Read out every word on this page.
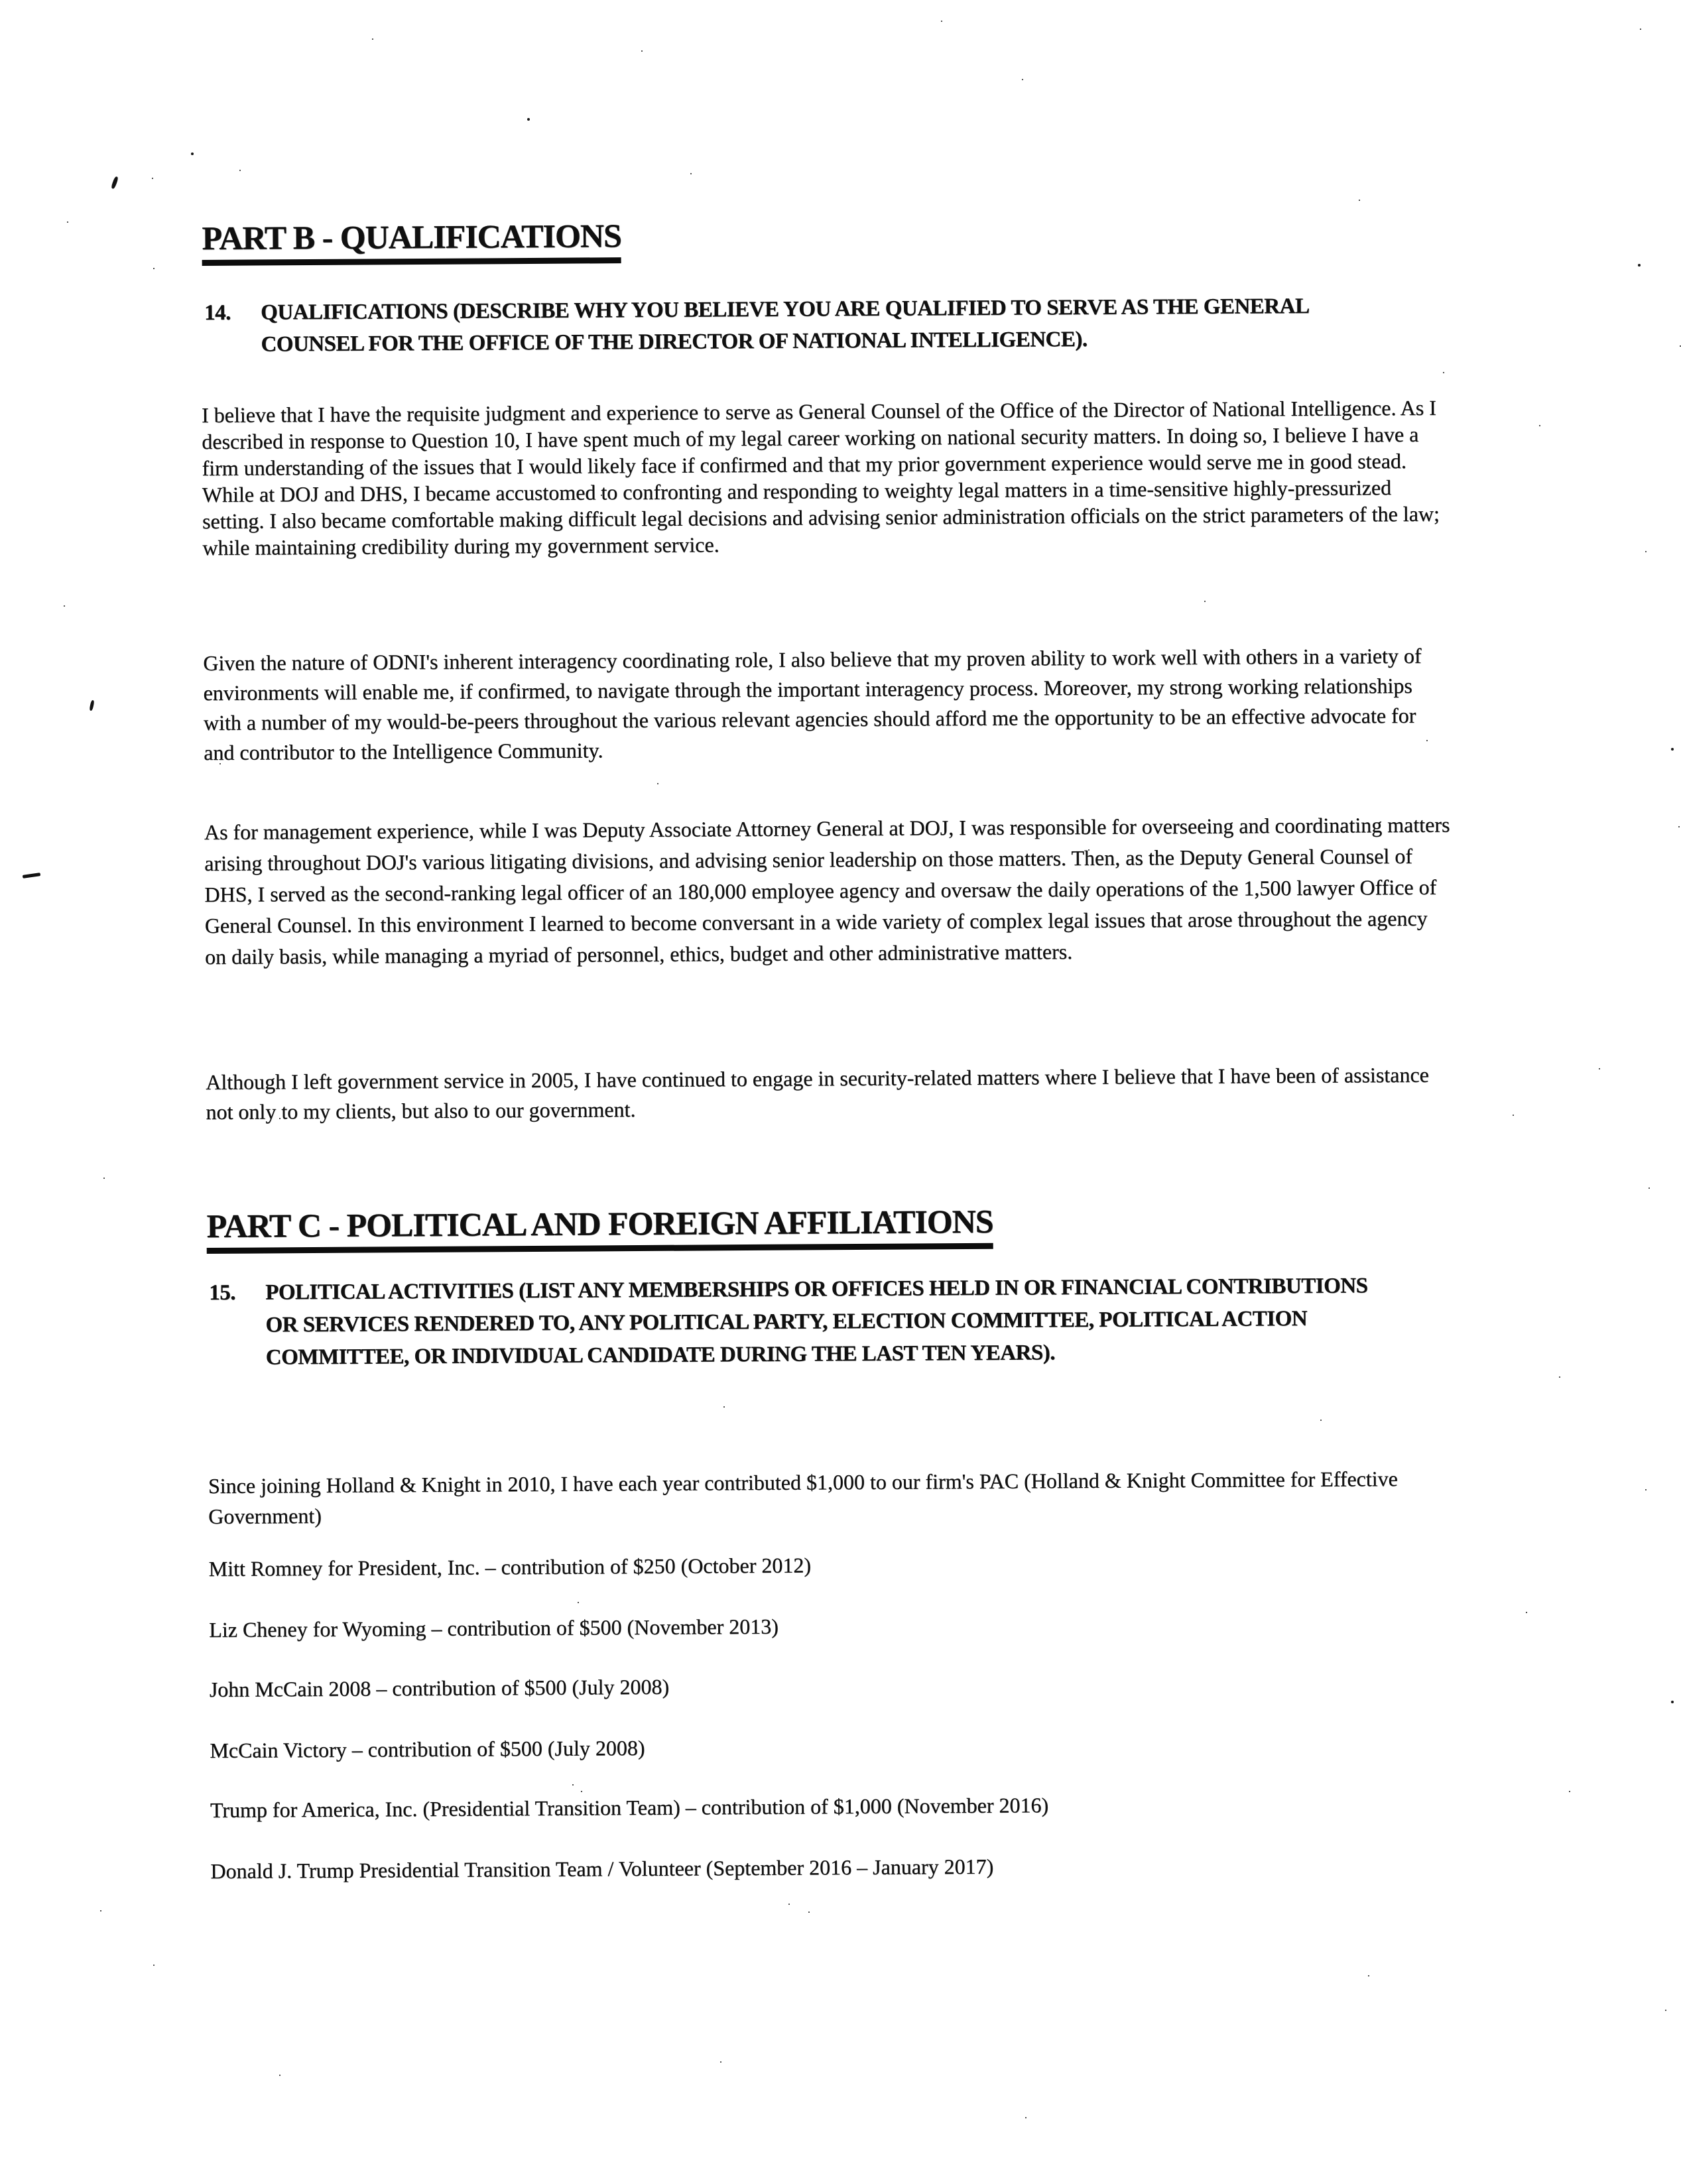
PART B - QUALIFICATIONS
14.	QUALIFICATIONS (DESCRIBE WHY YOU BELIEVE YOU ARE QUALIFIED TO SERVE AS THE GENERAL COUNSEL FOR THE OFFICE OF THE DIRECTOR OF NATIONAL INTELLIGENCE).

I believe that I have the requisite judgment and experience to serve as General Counsel of the Office of the Director of National Intelligence. As I described in response to Question 10, I have spent much of my legal career working on national security matters. In doing so, I believe I have a firm understanding of the issues that I would likely face if confirmed and that my prior government experience would serve me in good stead. While at DOJ and DHS, I became accustomed to confronting and responding to weighty legal matters in a time-sensitive highly-pressurized setting. I also became comfortable making difficult legal decisions and advising senior administration officials on the strict parameters of the law; while maintaining credibility during my government service.

Given the nature of ODNI's inherent interagency coordinating role, I also believe that my proven ability to work well with others in a variety of environments will enable me, if confirmed, to navigate through the important interagency process. Moreover, my strong working relationships with a number of my would-be-peers throughout the various relevant agencies should afford me the opportunity to be an effective advocate for and contributor to the Intelligence Community.

As for management experience, while I was Deputy Associate Attorney General at DOJ, I was responsible for overseeing and coordinating matters arising throughout DOJ's various litigating divisions, and advising senior leadership on those matters. Then, as the Deputy General Counsel of DHS, I served as the second-ranking legal officer of an 180,000 employee agency and oversaw the daily operations of the 1,500 lawyer Office of General Counsel. In this environment I learned to become conversant in a wide variety of complex legal issues that arose throughout the agency on daily basis, while managing a myriad of personnel, ethics, budget and other administrative matters.

Although I left government service in 2005, I have continued to engage in security-related matters where I believe that I have been of assistance not only to my clients, but also to our government.

PART C - POLITICAL AND FOREIGN AFFILIATIONS
15.	POLITICAL ACTIVITIES (LIST ANY MEMBERSHIPS OR OFFICES HELD IN OR FINANCIAL CONTRIBUTIONS OR SERVICES RENDERED TO, ANY POLITICAL PARTY, ELECTION COMMITTEE, POLITICAL ACTION COMMITTEE, OR INDIVIDUAL CANDIDATE DURING THE LAST TEN YEARS).

Since joining Holland & Knight in 2010, I have each year contributed $1,000 to our firm's PAC (Holland & Knight Committee for Effective Government)

Mitt Romney for President, Inc. – contribution of $250 (October 2012)

Liz Cheney for Wyoming – contribution of $500 (November 2013)

John McCain 2008 – contribution of $500 (July 2008)

McCain Victory – contribution of $500 (July 2008)

Trump for America, Inc. (Presidential Transition Team) – contribution of $1,000 (November 2016)

Donald J. Trump Presidential Transition Team / Volunteer (September 2016 – January 2017)
